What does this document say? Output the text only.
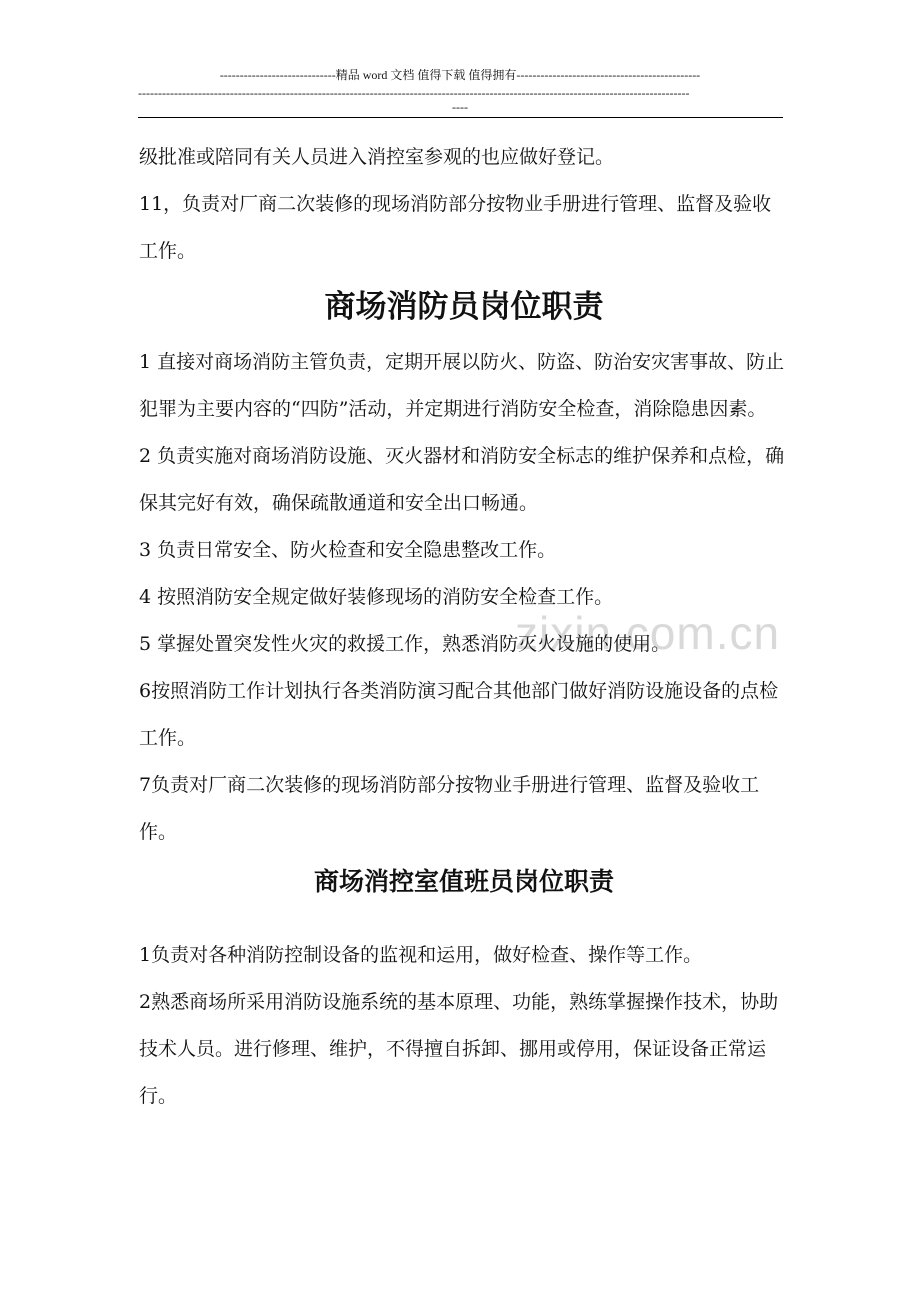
-----------------------------精品 word 文档 值得下载 值得拥有----------------------------------------------
------------------------------------------------------------------------------------------------------------------------------------------
----
zixin.com.cn

级批准或陪同有关人员进入消控室参观的也应做好登记。

11，负责对厂商二次装修的现场消防部分按物业手册进行管理、监督及验收工作。

商场消防员岗位职责

1 直接对商场消防主管负责，定期开展以防火、防盗、防治安灾害事故、防止犯罪为主要内容的“四防”活动，并定期进行消防安全检查，消除隐患因素。

2 负责实施对商场消防设施、灭火器材和消防安全标志的维护保养和点检，确保其完好有效，确保疏散通道和安全出口畅通。

3 负责日常安全、防火检查和安全隐患整改工作。

4 按照消防安全规定做好装修现场的消防安全检查工作。

5 掌握处置突发性火灾的救援工作，熟悉消防灭火设施的使用。

6按照消防工作计划执行各类消防演习配合其他部门做好消防设施设备的点检工作。

7负责对厂商二次装修的现场消防部分按物业手册进行管理、监督及验收工作。

商场消控室值班员岗位职责

1负责对各种消防控制设备的监视和运用，做好检查、操作等工作。

2熟悉商场所采用消防设施系统的基本原理、功能，熟练掌握操作技术，协助技术人员。进行修理、维护，不得擅自拆卸、挪用或停用，保证设备正常运行。
